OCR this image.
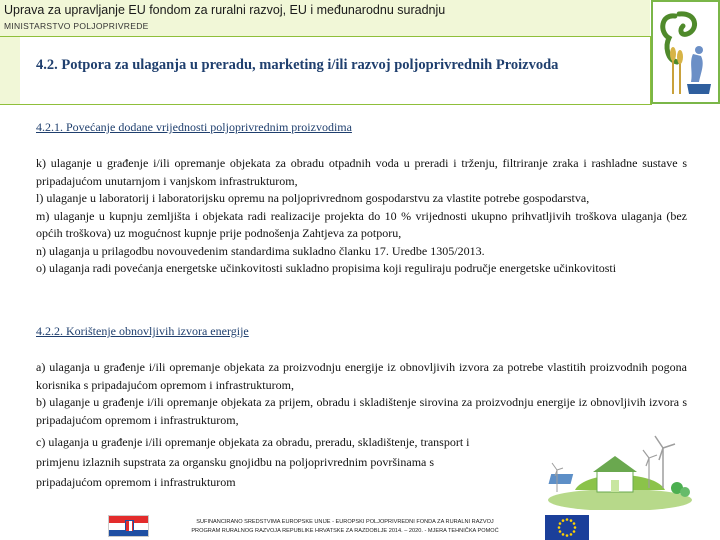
Uprava za upravljanje EU fondom za ruralni razvoj, EU i međunarodnu suradnju
MINISTARSTVO POLJOPRIVREDE
4.2. Potpora za ulaganja u preradu, marketing i/ili razvoj poljoprivrednih Proizvoda
4.2.1. Povećanje dodane vrijednosti poljoprivrednim proizvodima

k) ulaganje u građenje i/ili opremanje objekata za obradu otpadnih voda u preradi i trženju, filtriranje zraka i rashladne sustave s pripadajućom unutarnjom i vanjskom infrastrukturom,

l) ulaganje u laboratorij i laboratorijsku opremu na poljoprivrednom gospodarstvu za vlastite potrebe gospodarstva,

m) ulaganje u kupnju zemljišta i objekata radi realizacije projekta do 10 % vrijednosti ukupno prihvatljivih troškova ulaganja (bez općih troškova) uz mogućnost kupnje prije podnošenja Zahtjeva za potporu,

n) ulaganja u prilagodbu novouvedenim standardima sukladno članku 17. Uredbe 1305/2013.

o) ulaganja radi povećanja energetske učinkovitosti sukladno propisima koji reguliraju područje energetske učinkovitosti

4.2.2. Korištenje obnovljivih izvora energije

a) ulaganja u građenje i/ili opremanje objekata za proizvodnju energije iz obnovljivih izvora za potrebe vlastitih proizvodnih pogona korisnika s pripadajućom opremom i infrastrukturom,

b) ulaganje u građenje i/ili opremanje objekata za prijem, obradu i skladištenje sirovina za proizvodnju energije iz obnovljivih izvora s pripadajućom opremom i infrastrukturom,

c) ulaganja u građenje i/ili opremanje objekata za obradu, preradu, skladištenje, transport i

primjenu izlaznih supstrata za organsku gnojidbu na poljoprivrednim površinama s

pripadajućom opremom i infrastrukturom

SUFINANCIRANO SREDSTVIMA EUROPSKE UNIJE - EUROPSKI POLJOPRIVREDNI FONDA ZA RURALNI RAZVOJ
PROGRAM RURALNOG RAZVOJA REPUBLIKE HRVATSKE ZA RAZDOBLJE 2014. – 2020. - MJERA TEHNIČKA POMOĆ
